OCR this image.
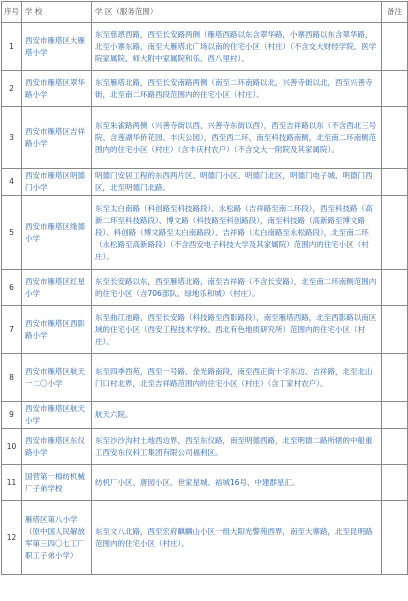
序号	学 校	学 区（服务范围）	备注
1	西安市雁塔区大雁塔小学	东至慈恩西路，西至长安路两侧（雁塔西路以东含翠华路，小寨西路以东含翠华路，北至小寨东路，南至大雁塔北广场以南的住宅小区（村庄）（不含交大财经学院、医学院家属院、师大附中家属院和乐、西八里村）。	
2	西安市雁塔区翠华路小学	东至雁塔北路，西至长安南路两侧（南至二环南路以北，兴善寺街以北，西至兴善寺街，北至南二环路西段范围内的住宅小区（村庄）。	
3	西安市雁塔区吉祥路小学	东至朱雀路两侧（兴善寺街以西，兴善寺东街以西），西至吉祥路以东（不含西北三号院、含莲湖华侨花园、丰庆公园），西至西二环，南至科技路南侧，北至南二环南侧范围内的住宅小区（村庄）（含丰庆村农户）（不含交大一附院及其家属院）。	
4	西安市雁塔区明德门小学	明德门安居工程的东西两片区、明德门小区、明德门北区，明德门电子城、明德门西区，北至明德门北路。	
5	西安市雁塔区缘德小学	东至太白南路（科创路至科技路段）、永松路（吉祥路至南二环段），西至科技路（高新二环至科技路段）、博文路（科技路至科创路段），南至科技路（高新路至博文路段）、科创路（博文路至太白南路段）、吉祥路（太白南路至永松路段），北至南二环（永松路至高新路段）（不含西安电子科技大学及其家属院）范围内的住宅小区（村庄）。	
6	西安市雁塔区红星小学	东至长安路以东，西至雁塔北路，南至吉祥路（不含长安路），北至南二环南侧范围内的住宅小区（含706部队、绿地乐和城）（村庄）。	
7	西安市雁塔区西影路小学	东至曲江池路，西至长安路（科技路至西影路段），南至雁塔西路，北至西影路以南区域的住宅小区（西安工程技术学校、西北有色地质研究所）范围内的住宅小区（村庄）。	
8	西安市雁塔区航天一二〇小学	东至四季西苑，西至一号路、金光路南段，南至西正街十字东边、吉祥路，北至北山门口村北界，北至吉祥路范围内的住宅小区（村庄）（含丁家村农户）。	
9	西安市雁塔区航天小学	航天六院。	
10	西安市雁塔区东仪路小学	东至沙沙沟村土地西边界，西至东仪路，南至明德西路，北至明德二路所辖的中船重工西安东仪科工集团有限公司福利区。	
11	国营第一棉纺机械厂子弟学校	纺机厂小区、唐园小区、世家星城、裕城16号、中建群星汇。	
12	雁塔区第八小学（原中国人民解放军第三四〇七工厂职工子弟小学）	东至文八北路，西至宏府麒麟山小区一组大阳光警苑西界，南至大寨路，北至昆明路范围内的住宅小区（村庄）。	
